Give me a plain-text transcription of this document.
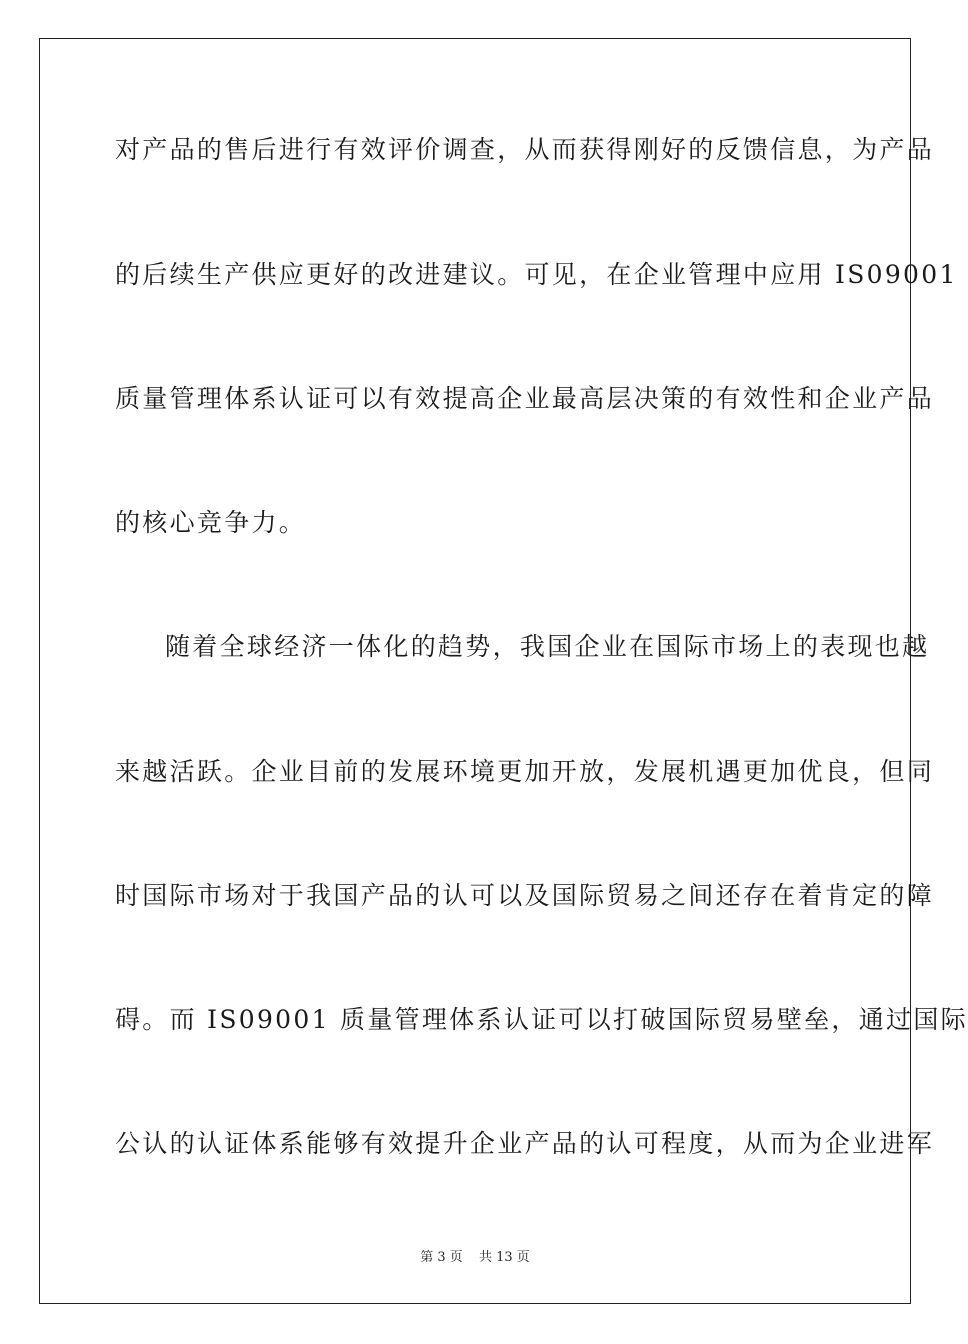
对产品的售后进行有效评价调查，从而获得刚好的反馈信息，为产品
的后续生产供应更好的改进建议。可见，在企业管理中应用 IS09001
质量管理体系认证可以有效提高企业最高层决策的有效性和企业产品
的核心竞争力。
随着全球经济一体化的趋势，我国企业在国际市场上的表现也越
来越活跃。企业目前的发展环境更加开放，发展机遇更加优良，但同
时国际市场对于我国产品的认可以及国际贸易之间还存在着肯定的障
碍。而 IS09001 质量管理体系认证可以打破国际贸易壁垒，通过国际
公认的认证体系能够有效提升企业产品的认可程度，从而为企业进军
第 3 页 共 13 页
